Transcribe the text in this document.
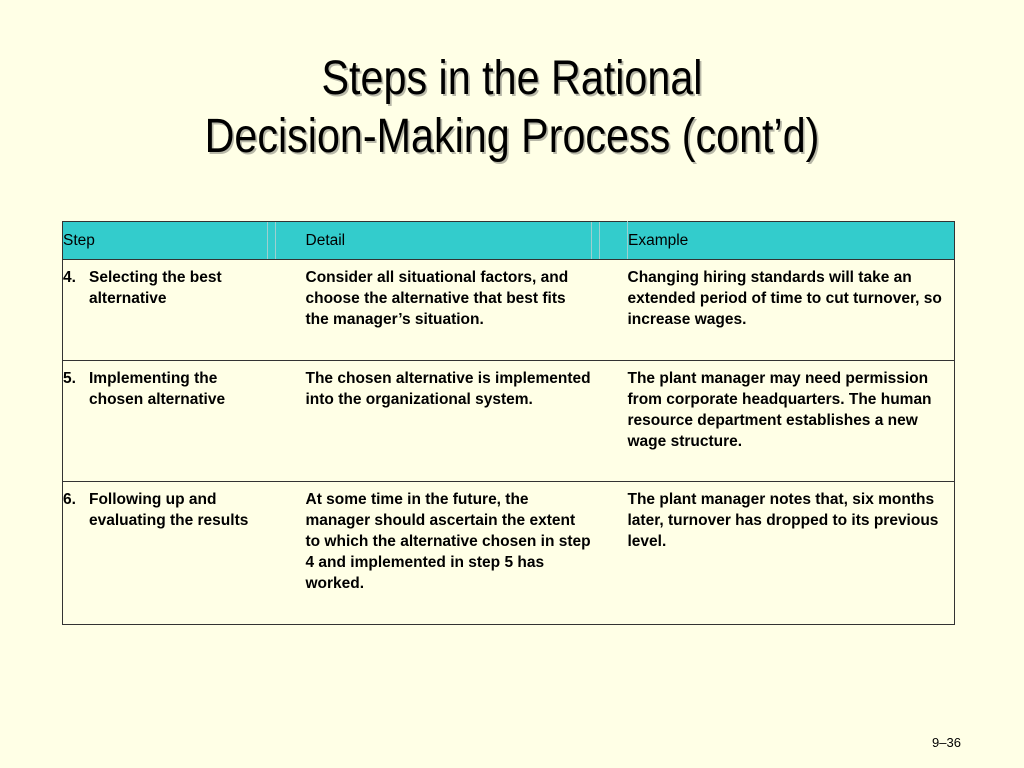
Steps in the Rational
Decision-Making Process (cont’d)
Step			Detail			Example

4. Selecting the best alternative			Consider all situational factors, and choose the alternative that best fits the manager’s situation.			Changing hiring standards will take an extended period of time to cut turnover, so increase wages.

5. Implementing the chosen alternative			The chosen alternative is implemented into the organizational system.			The plant manager may need permission from corporate headquarters. The human resource department establishes a new wage structure.

6. Following up and evaluating the results			At some time in the future, the manager should ascertain the extent to which the alternative chosen in step 4 and implemented in step 5 has worked.			The plant manager notes that, six months later, turnover has dropped to its previous level.
9–36
